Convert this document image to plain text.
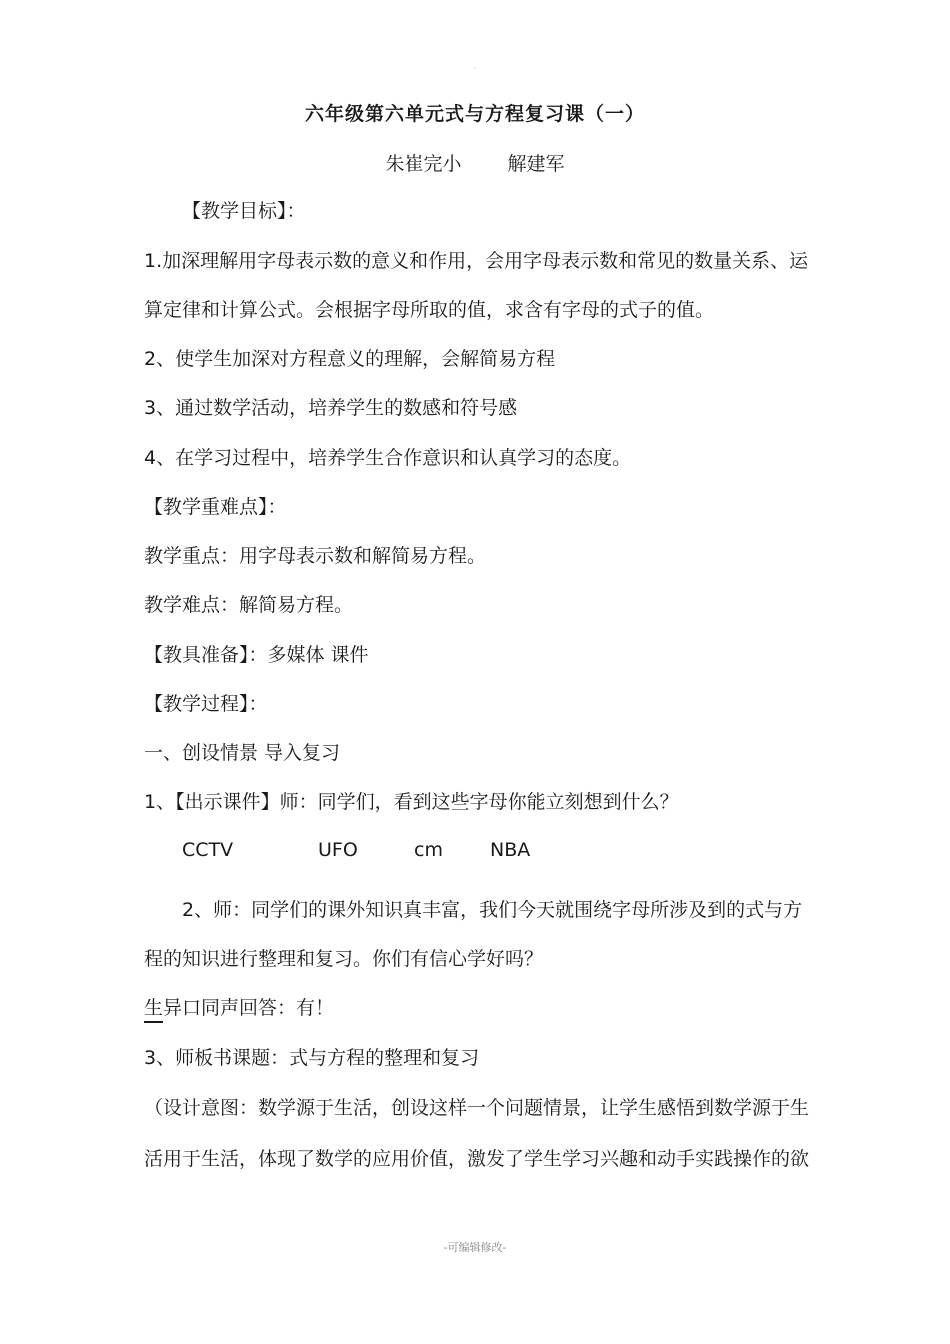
.
六年级第六单元式与方程复习课（一）
朱崔完小 解建军
【教学目标】：
1.加深理解用字母表示数的意义和作用，会用字母表示数和常见的数量关系、运
算定律和计算公式。会根据字母所取的值，求含有字母的式子的值。
2、使学生加深对方程意义的理解，会解简易方程
3、通过数学活动，培养学生的数感和符号感
4、在学习过程中，培养学生合作意识和认真学习的态度。
【教学重难点】：
教学重点：用字母表示数和解简易方程。
教学难点：解简易方程。
【教具准备】：多媒体 课件
【教学过程】：
一、创设情景 导入复习
1、【出示课件】师：同学们，看到这些字母你能立刻想到什么？
CCTV	UFO	cm NBA
2、师：同学们的课外知识真丰富，我们今天就围绕字母所涉及到的式与方
程的知识进行整理和复习。你们有信心学好吗？
生异口同声回答：有！
3、师板书课题：式与方程的整理和复习
（设计意图：数学源于生活，创设这样一个问题情景，让学生感悟到数学源于生
活用于生活，体现了数学的应用价值，激发了学生学习兴趣和动手实践操作的欲
-可编辑修改-
